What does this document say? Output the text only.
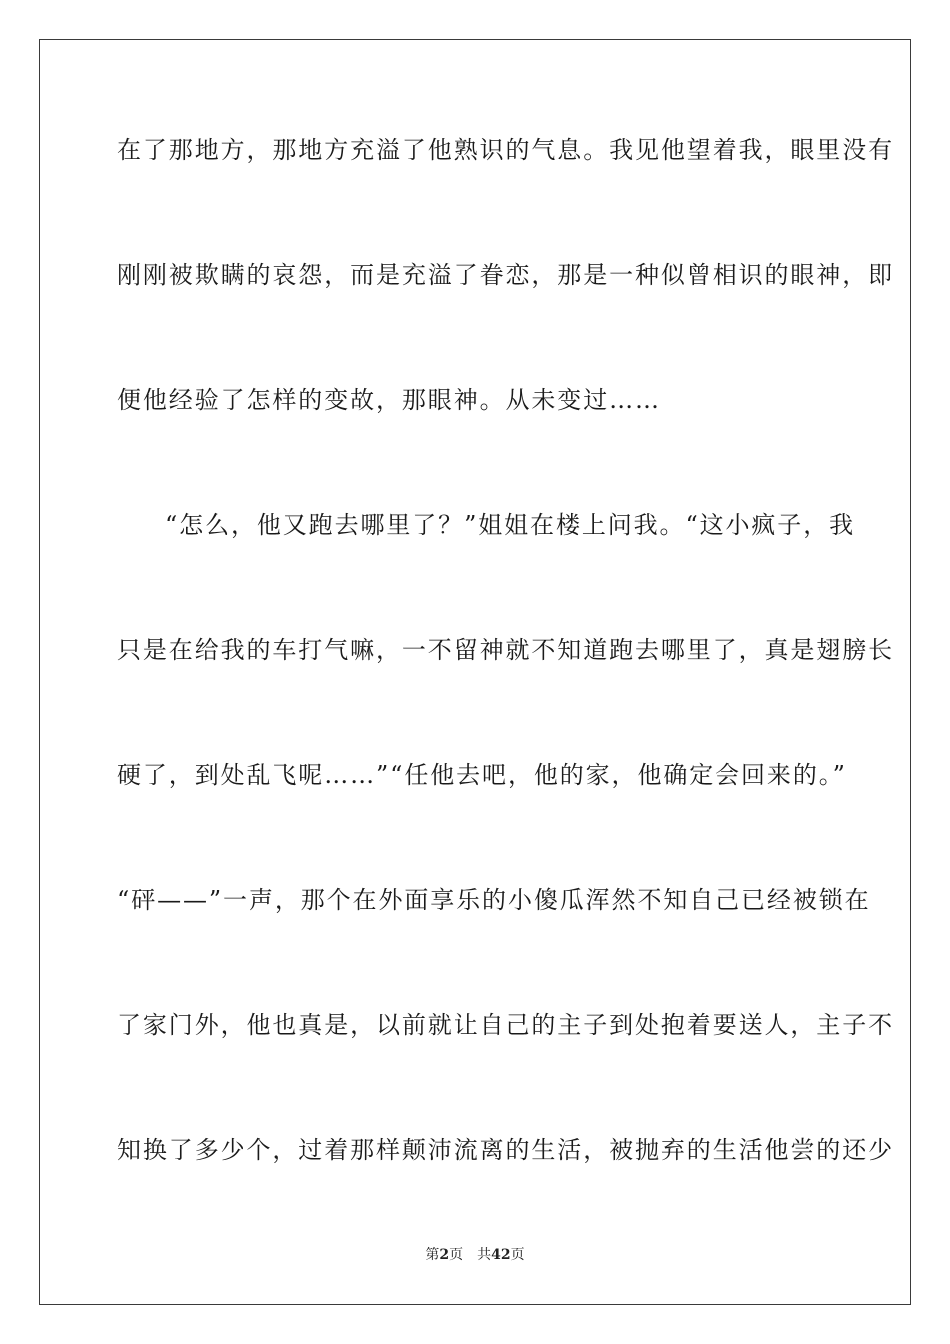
在了那地方，那地方充溢了他熟识的气息。我见他望着我，眼里没有
刚刚被欺瞒的哀怨，而是充溢了眷恋，那是一种似曾相识的眼神，即
便他经验了怎样的变故，那眼神。从未变过……
“怎么，他又跑去哪里了？”姐姐在楼上问我。“这小疯子，我
只是在给我的车打气嘛，一不留神就不知道跑去哪里了，真是翅膀长
硬了，到处乱飞呢……”“任他去吧，他的家，他确定会回来的。”
“砰——”一声，那个在外面享乐的小傻瓜浑然不知自己已经被锁在
了家门外，他也真是，以前就让自己的主子到处抱着要送人，主子不
知换了多少个，过着那样颠沛流离的生活，被抛弃的生活他尝的还少
第2页 共42页
